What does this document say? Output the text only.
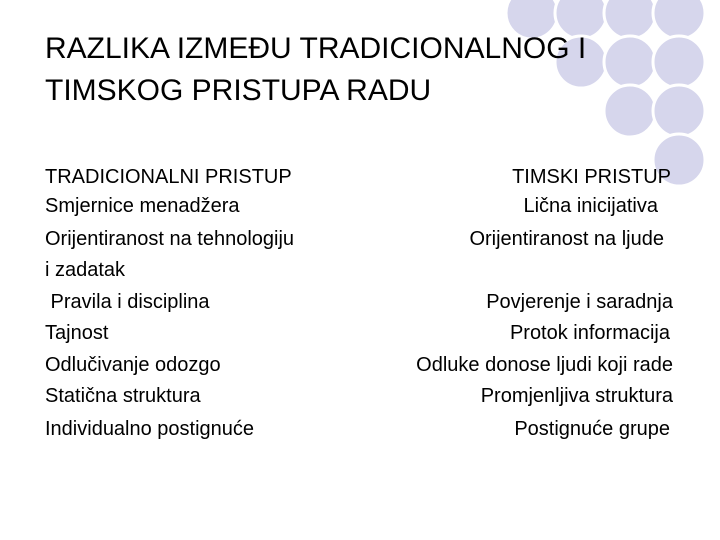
RAZLIKA IZMEĐU TRADICIONALNOG I
TIMSKOG PRISTUPA RADU
TRADICIONALNI PRISTUP
Smjernice menadžera
Orijentiranost na tehnologiju
i zadatak
Pravila i disciplina
Tajnost
Odlučivanje odozgo
Statična struktura
Individualno postignuće
TIMSKI PRISTUP
Lična inicijativa
Orijentiranost na ljude
Povjerenje i saradnja
Protok informacija
Odluke donose ljudi koji rade
Promjenljiva struktura
Postignuće grupe
